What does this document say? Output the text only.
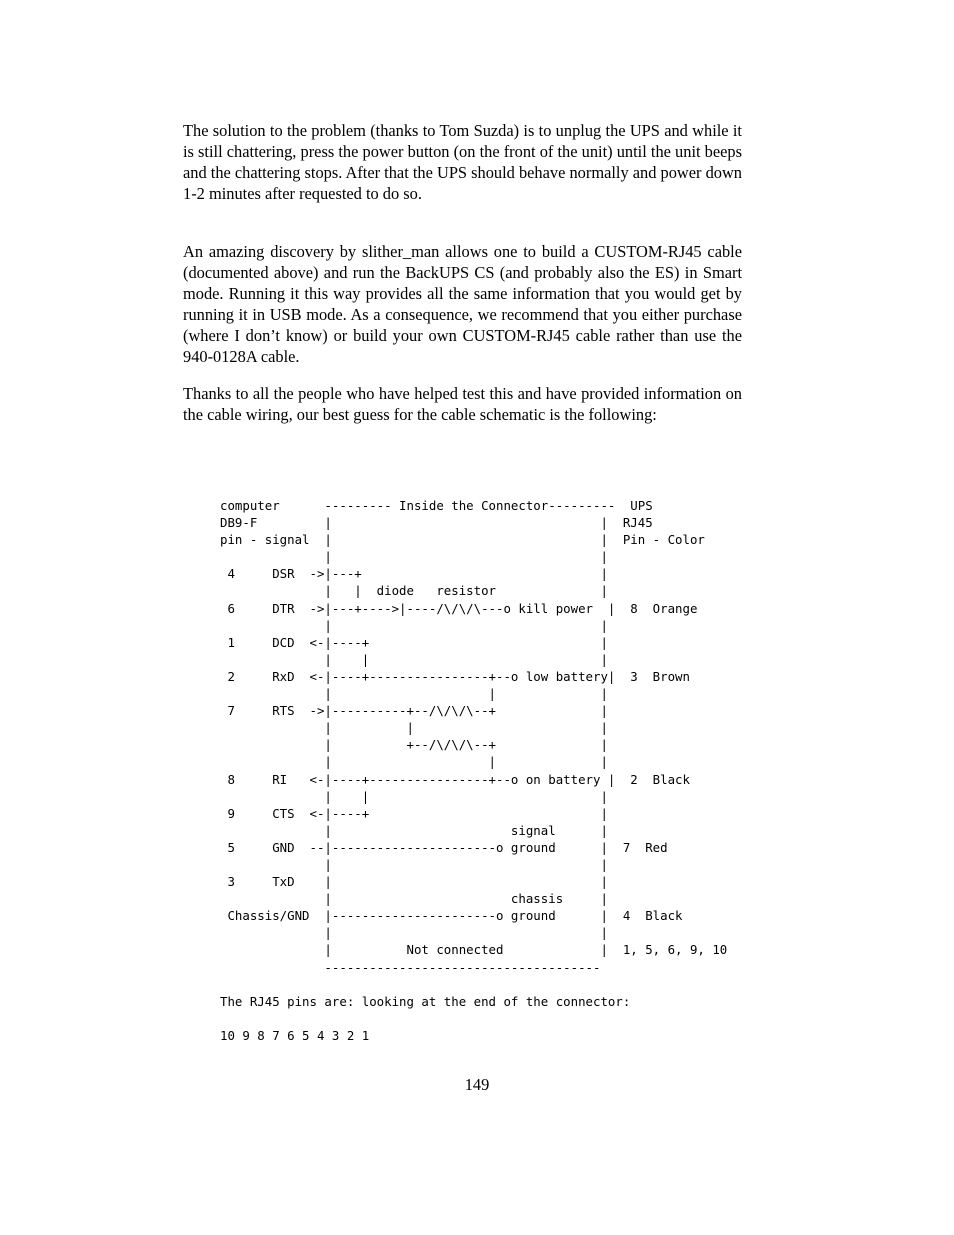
The solution to the problem (thanks to Tom Suzda) is to unplug the UPS and while it is still chattering, press the power button (on the front of the unit) until the unit beeps and the chattering stops. After that the UPS should behave normally and power down 1-2 minutes after requested to do so.

An amazing discovery by slither_man allows one to build a CUSTOM-RJ45 cable (documented above) and run the BackUPS CS (and probably also the ES) in Smart mode. Running it this way provides all the same information that you would get by running it in USB mode. As a consequence, we recommend that you either purchase (where I don’t know) or build your own CUSTOM-RJ45 cable rather than use the 940-0128A cable.

Thanks to all the people who have helped test this and have provided information on the cable wiring, our best guess for the cable schematic is the following:

computer      --------- Inside the Connector---------  UPS
DB9-F         |                                    |  RJ45
pin - signal  |                                    |  Pin - Color
|                                    |
4     DSR  ->|---+                                |
|   |  diode   resistor              |
6     DTR  ->|---+---->|----/\/\/\---o kill power  |  8  Orange
|                                    |
1     DCD  <-|----+                               |
|    |                               |
2     RxD  <-|----+----------------+--o low battery|  3  Brown
|                     |              |
7     RTS  ->|----------+--/\/\/\--+              |
|          |                         |
|          +--/\/\/\--+              |
|                     |              |
8     RI   <-|----+----------------+--o on battery |  2  Black
|    |                               |
9     CTS  <-|----+                               |
|                        signal      |
5     GND  --|----------------------o ground      |  7  Red
|                                    |
3     TxD    |                                    |
|                        chassis     |
Chassis/GND  |----------------------o ground      |  4  Black
|                                    |
|          Not connected             |  1, 5, 6, 9, 10
-------------------------------------

The RJ45 pins are: looking at the end of the connector:

10 9 8 7 6 5 4 3 2 1
149
